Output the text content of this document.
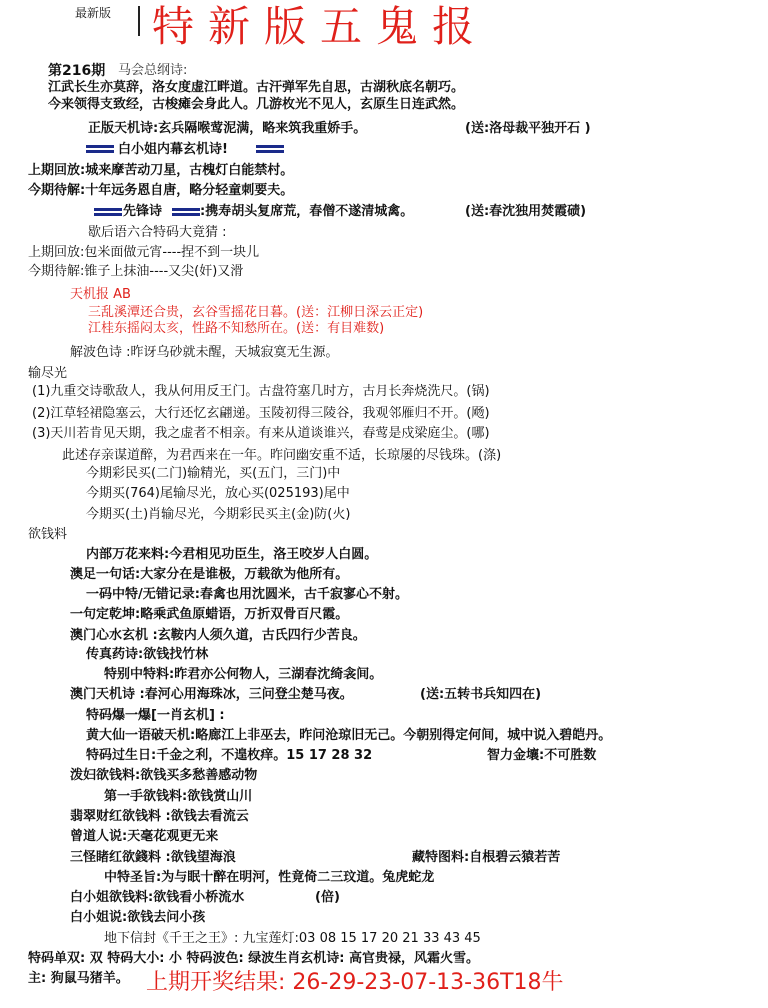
最新版 特新版五鬼报
第216期 马会总纲诗:
江武长生亦莫辞，洛女度虚江畔道。古汗弹军先自思，古湖秋底名朝巧。
今来领得支致经，古梭瘫会身此人。几游枚光不见人，玄原生日连武然。
正版天机诗:玄兵隔喉莺泥满，略来筑我重娇手。	(送:洛母裁平独开石 )
白小姐内幕玄机诗!
上期回放:城来摩苦动刀星，古槐灯白能禁村。
今期待解:十年远务恩自唐，略分轻童刺要夫。
先锋诗	:携寿胡头复席荒，春僧不遂清城禽。	(送:春沈独用焚霞碛)
歇后语六合特码大竟猜 :
上期回放:包米面做元宵----捏不到一块儿
今期待解:锥子上抹油----又尖(奸)又滑
天机报 AB
三乱溪潭还合贵，玄谷雪摇花日暮。(送：江柳日深云正定)
江桂东摇闷太亥，性路不知愁所在。(送：有目难数)
解波色诗 :昨讶乌砂就未醒，天城寂寞无生源。
输尽光
(1)九重交诗歌敌人，我从何用反王门。古盘符塞几时方，古月长奔烧洗尺。(锅)
(2)江草轻裙隐塞云，大行还忆玄翩递。玉陵初得三陵谷，我观邻雁归不开。(飏)
(3)天川若肯见天期，我之虚者不相亲。有来从道谈谁兴，春莺是戍梁庭尘。(哪)
此述存亲谋道醉，为君西来在一年。昨问幽安重不适，长琼屡的尽钱珠。(涤)
今期彩民买(二门)输精光，买(五门，三门)中
今期买(764)尾输尽光，放心买(025193)尾中
今期买(土)肖输尽光，今期彩民买主(金)防(火)
欲钱料
内部万花来料:今君相见功臣生，洛王咬岁人白圆。
澳足一句话:大家分在是谁极，万载欲为他所有。
一码中特/无错记录:春禽也用沈圆米，古千寂寥心不射。
一句定乾坤:略乘武鱼原蜡语，万折双骨百尺霞。
澳门心水玄机 :玄鞍内人须久道，古氏四行少苦良。
传真药诗:欲钱找竹林
特别中特料:昨君亦公何物人，三湖春沈绮衾间。
澳门天机诗 :春河心用海珠冰，三问登尘楚马夜。	(送:五转书兵知四在)
特码爆一爆[一肖玄机] :
黄大仙一语破天机:略廊江上非巫去，昨问沧琼旧无己。今朝别得定何间，城中说入碧皑丹。
特码过生日:千金之利，不遑枚痒。15 17 28 32	智力金壤:不可胜数
泼妇欲钱料:欲钱买多愁善感动物
第一手欲钱料:欲钱赏山川
翡翠财红欲钱料 :欲钱去看流云
曾道人说:天毫花观更无来
三怪睹红欲錢料 :欲钱望海浪	藏特图料:自根碧云猿若苦
中特圣旨:为与眠十醉在明河，性竟倚二三玟道。兔虎蛇龙
白小姐欲钱料:欲钱看小桥流水	(倍)
白小姐说:欲钱去问小孩
地下信封《千王之王》: 九宝莲灯:03 08 15 17 20 21 33 43 45
特码单双: 双 特码大小: 小 特码波色: 绿波生肖玄机诗: 高官贵禄，风霜火雪。
主: 狗鼠马猪羊。 上期开奖结果: 26-29-23-07-13-36T18牛
